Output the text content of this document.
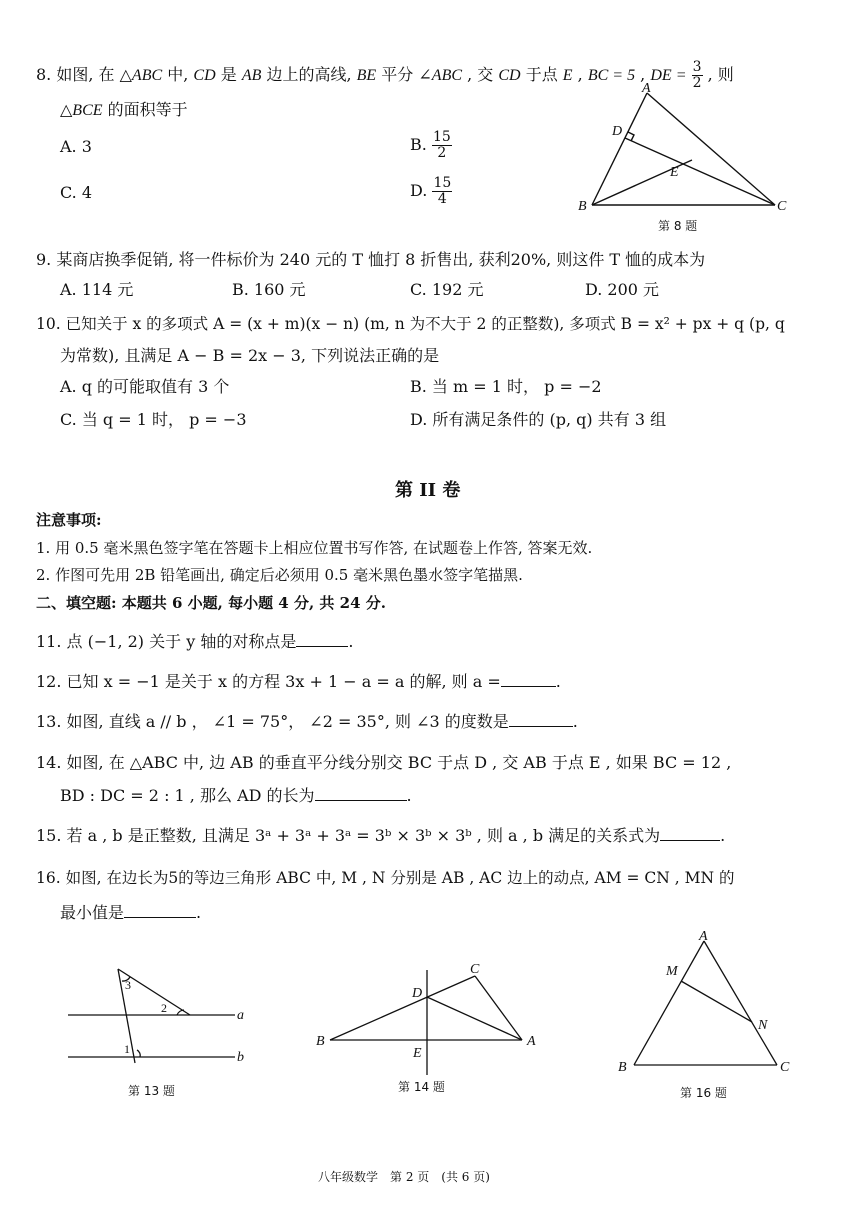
8. 如图, 在 △ABC 中, CD 是 AB 边上的高线, BE 平分 ∠ABC , 交 CD 于点 E , BC = 5 , DE = $\frac{3}{2}$ , 则
△BCE 的面积等于
A. 3	B. $\frac{15}{2}$
C. 4	D. $\frac{15}{4}$
A
D
E
B	C
第 8 题
9. 某商店换季促销, 将一件标价为 240 元的 T 恤打 8 折售出, 获利20%, 则这件 T 恤的成本为
A. 114 元	B. 160 元	C. 192 元	D. 200 元
10. 已知关于 x 的多项式 A = (x + m)(x − n) (m, n 为不大于 2 的正整数), 多项式 B = x² + px + q (p, q
为常数), 且满足 A − B = 2x − 3, 下列说法正确的是
A. q 的可能取值有 3 个	B. 当 m = 1 时， p = −2
C. 当 q = 1 时， p = −3	D. 所有满足条件的 (p, q) 共有 3 组
第 II 卷
注意事项:
1. 用 0.5 毫米黑色签字笔在答题卡上相应位置书写作答, 在试题卷上作答, 答案无效.
2. 作图可先用 2B 铅笔画出, 确定后必须用 0.5 毫米黑色墨水签字笔描黑.
二、填空题: 本题共 6 小题, 每小题 4 分, 共 24 分.
11. 点 (−1, 2) 关于 y 轴的对称点是	.
12. 已知 x = −1 是关于 x 的方程 3x + 1 − a = a 的解, 则 a =	.
13. 如图, 直线 a // b ， ∠1 = 75°， ∠2 = 35°, 则 ∠3 的度数是	.
14. 如图, 在 △ABC 中, 边 AB 的垂直平分线分别交 BC 于点 D , 交 AB 于点 E , 如果 BC = 12 ,
BD : DC = 2 : 1 , 那么 AD 的长为	.
15. 若 a , b 是正整数, 且满足 3ᵃ + 3ᵃ + 3ᵃ = 3ᵇ × 3ᵇ × 3ᵇ , 则 a , b 满足的关系式为	.
16. 如图, 在边长为5的等边三角形 ABC 中, M , N 分别是 AB , AC 边上的动点, AM = CN , MN 的
最小值是	.
a
b
1
2
3
第 13 题
B
C
D
E
A
第 14 题
A
M
N
B	C
第 16 题
八年级数学　第 2 页　(共 6 页)
